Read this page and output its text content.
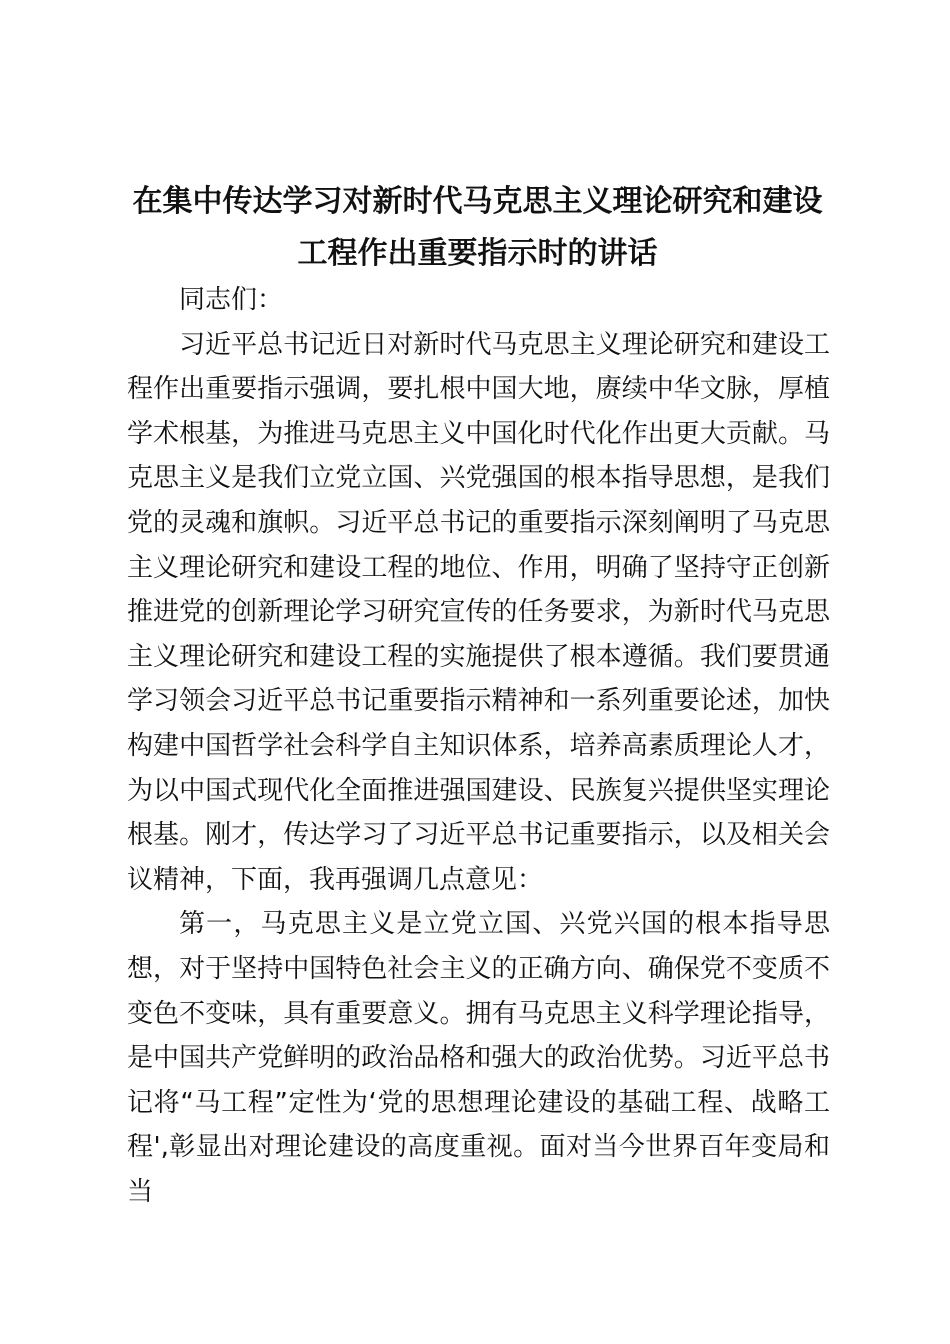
在集中传达学习对新时代马克思主义理论研究和建设工程作出重要指示时的讲话

同志们：

习近平总书记近日对新时代马克思主义理论研究和建设工程作出重要指示强调，要扎根中国大地，赓续中华文脉，厚植学术根基，为推进马克思主义中国化时代化作出更大贡献。马克思主义是我们立党立国、兴党强国的根本指导思想，是我们党的灵魂和旗帜。习近平总书记的重要指示深刻阐明了马克思主义理论研究和建设工程的地位、作用，明确了坚持守正创新推进党的创新理论学习研究宣传的任务要求，为新时代马克思主义理论研究和建设工程的实施提供了根本遵循。我们要贯通学习领会习近平总书记重要指示精神和一系列重要论述，加快构建中国哲学社会科学自主知识体系，培养高素质理论人才，为以中国式现代化全面推进强国建设、民族复兴提供坚实理论根基。刚才，传达学习了习近平总书记重要指示，以及相关会议精神，下面，我再强调几点意见：

第一，马克思主义是立党立国、兴党兴国的根本指导思想，对于坚持中国特色社会主义的正确方向、确保党不变质不变色不变味，具有重要意义。拥有马克思主义科学理论指导，是中国共产党鲜明的政治品格和强大的政治优势。习近平总书记将“马工程”定性为‘党的思想理论建设的基础工程、战略工程',彰显出对理论建设的高度重视。面对当今世界百年变局和当
